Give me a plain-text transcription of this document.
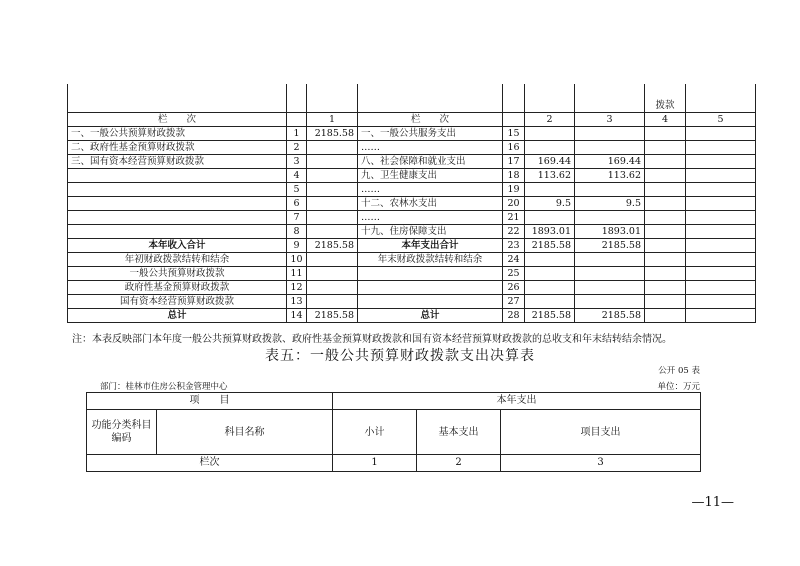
							拨款	
栏　　次		1	栏　　次		2	3	4	5
一、一般公共预算财政拨款	1	2185.58	一、一般公共服务支出	15				
二、政府性基金预算财政拨款	2		……	16				
三、国有资本经营预算财政拨款	3		八、社会保障和就业支出	17	169.44	169.44		
	4		九、卫生健康支出	18	113.62	113.62		
	5		……	19				
	6		十二、农林水支出	20	9.5	9.5		
	7		……	21				
	8		十九、住房保障支出	22	1893.01	1893.01		
本年收入合计	9	2185.58	本年支出合计	23	2185.58	2185.58		
年初财政拨款结转和结余	10		年末财政拨款结转和结余	24				
一般公共预算财政拨款	11			25				
政府性基金预算财政拨款	12			26				
国有资本经营预算财政拨款	13			27				
总计	14	2185.58	总计	28	2185.58	2185.58		
注：本表反映部门本年度一般公共预算财政拨款、政府性基金预算财政拨款和国有资本经营预算财政拨款的总收支和年末结转结余情况。
表五：一般公共预算财政拨款支出决算表
公开 05 表
部门：桂林市住房公积金管理中心	单位：万元
项　　目		本年支出		
功能分类科目编码	科目名称	小计	基本支出	项目支出
栏次		1	2	3
—11—
